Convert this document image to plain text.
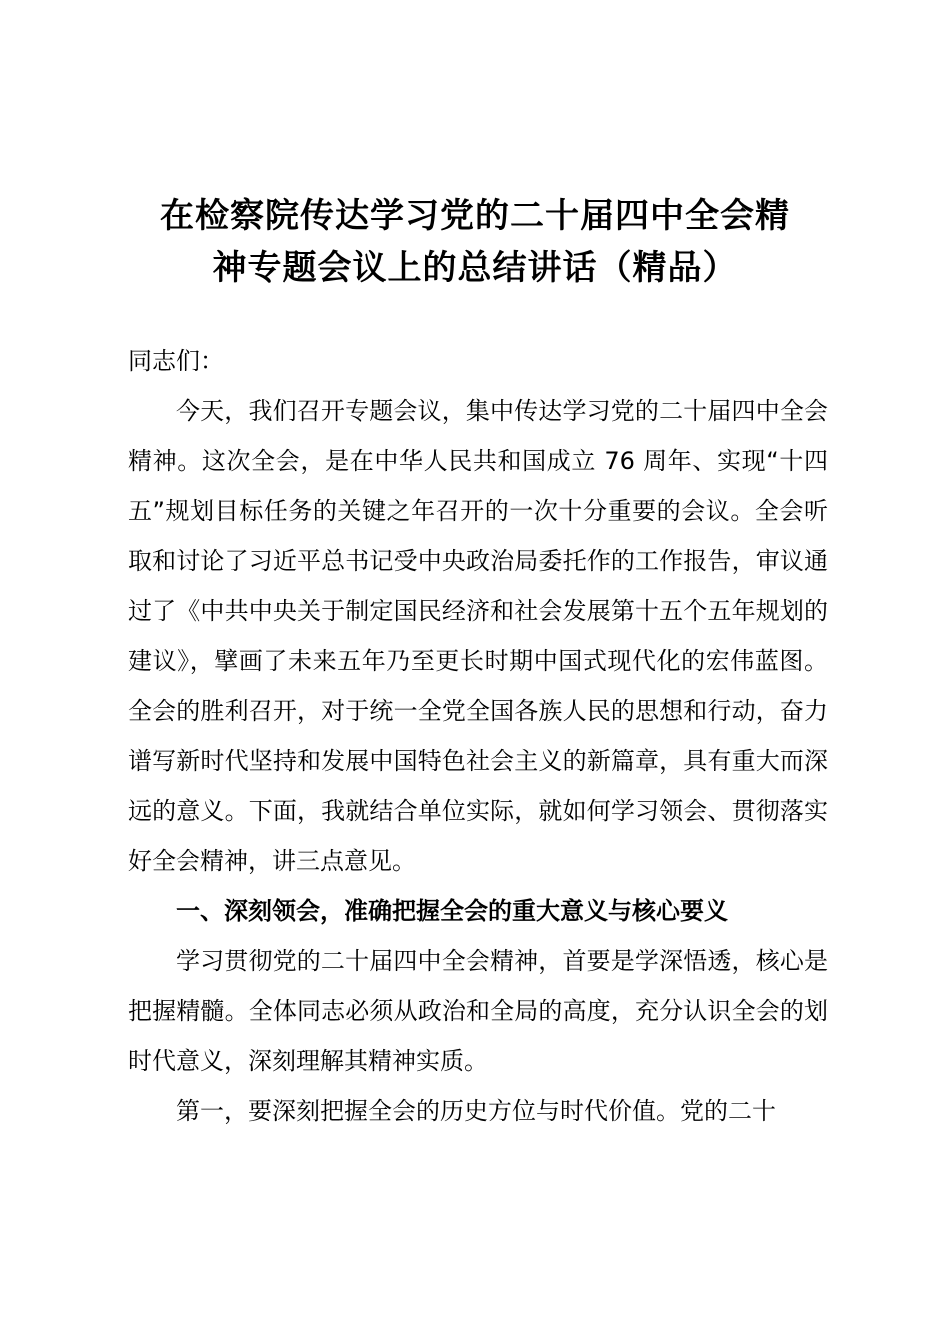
在检察院传达学习党的二十届四中全会精
神专题会议上的总结讲话（精品）

同志们：

今天，我们召开专题会议，集中传达学习党的二十届四中全会精神。这次全会，是在中华人民共和国成立 76 周年、实现“十四五”规划目标任务的关键之年召开的一次十分重要的会议。全会听取和讨论了习近平总书记受中央政治局委托作的工作报告，审议通过了《中共中央关于制定国民经济和社会发展第十五个五年规划的建议》，擘画了未来五年乃至更长时期中国式现代化的宏伟蓝图。全会的胜利召开，对于统一全党全国各族人民的思想和行动，奋力谱写新时代坚持和发展中国特色社会主义的新篇章，具有重大而深远的意义。下面，我就结合单位实际，就如何学习领会、贯彻落实好全会精神，讲三点意见。

一、深刻领会，准确把握全会的重大意义与核心要义

学习贯彻党的二十届四中全会精神，首要是学深悟透，核心是把握精髓。全体同志必须从政治和全局的高度，充分认识全会的划时代意义，深刻理解其精神实质。

第一，要深刻把握全会的历史方位与时代价值。党的二十
